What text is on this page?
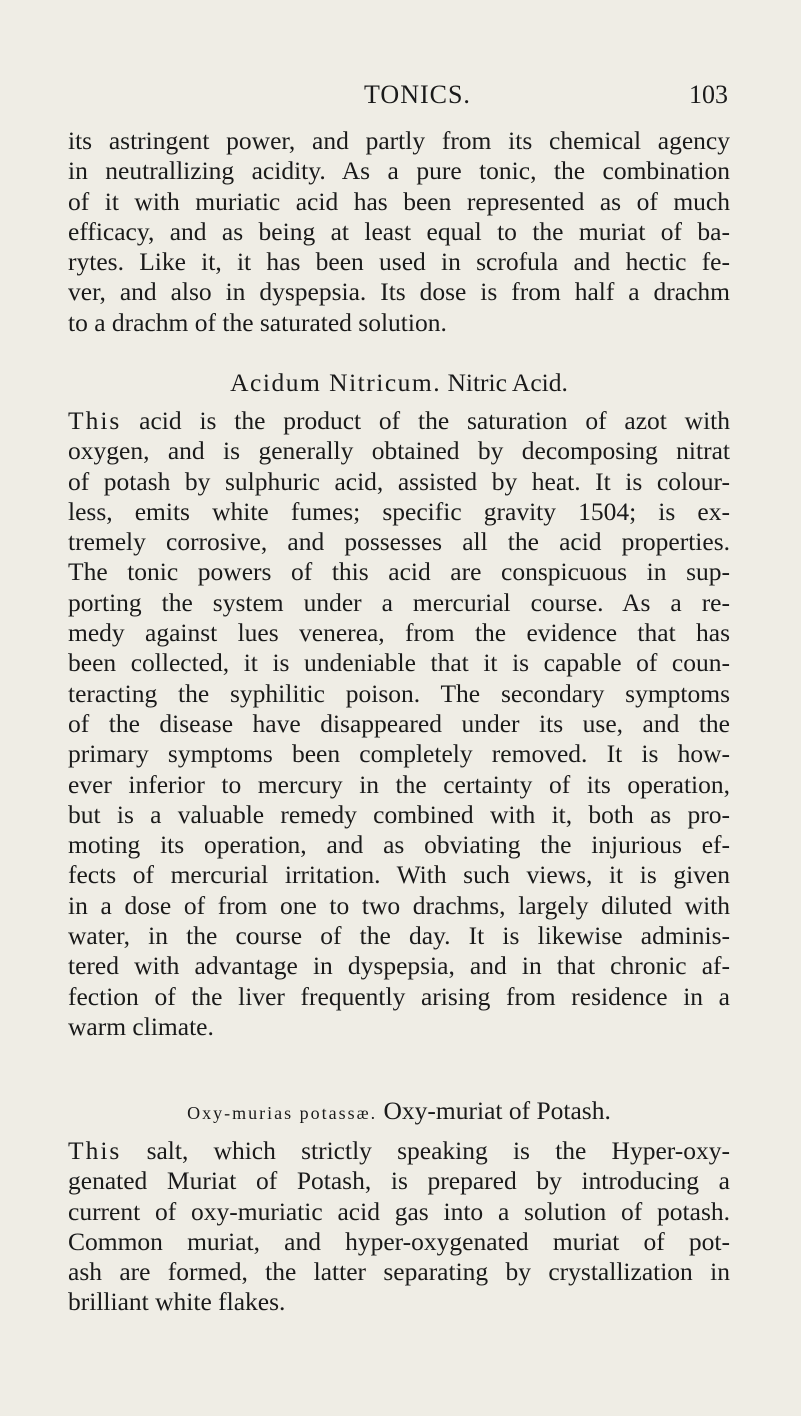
TONICS.	103

its astringent power, and partly from its chemical agency
in neutrallizing acidity. As a pure tonic, the combination
of it with muriatic acid has been represented as of much
efficacy, and as being at least equal to the muriat of ba-
rytes. Like it, it has been used in scrofula and hectic fe-
ver, and also in dyspepsia. Its dose is from half a drachm
to a drachm of the saturated solution.

Acidum Nitricum. Nitric Acid.

This acid is the product of the saturation of azot with
oxygen, and is generally obtained by decomposing nitrat
of potash by sulphuric acid, assisted by heat. It is colour-
less, emits white fumes; specific gravity 1504; is ex-
tremely corrosive, and possesses all the acid properties.
The tonic powers of this acid are conspicuous in sup-
porting the system under a mercurial course. As a re-
medy against lues venerea, from the evidence that has
been collected, it is undeniable that it is capable of coun-
teracting the syphilitic poison. The secondary symptoms
of the disease have disappeared under its use, and the
primary symptoms been completely removed. It is how-
ever inferior to mercury in the certainty of its operation,
but is a valuable remedy combined with it, both as pro-
moting its operation, and as obviating the injurious ef-
fects of mercurial irritation. With such views, it is given
in a dose of from one to two drachms, largely diluted with
water, in the course of the day. It is likewise adminis-
tered with advantage in dyspepsia, and in that chronic af-
fection of the liver frequently arising from residence in a
warm climate.

Oxy-murias potassæ. Oxy-muriat of Potash.

This salt, which strictly speaking is the Hyper-oxy-
genated Muriat of Potash, is prepared by introducing a
current of oxy-muriatic acid gas into a solution of potash.
Common muriat, and hyper-oxygenated muriat of pot-
ash are formed, the latter separating by crystallization in
brilliant white flakes.
